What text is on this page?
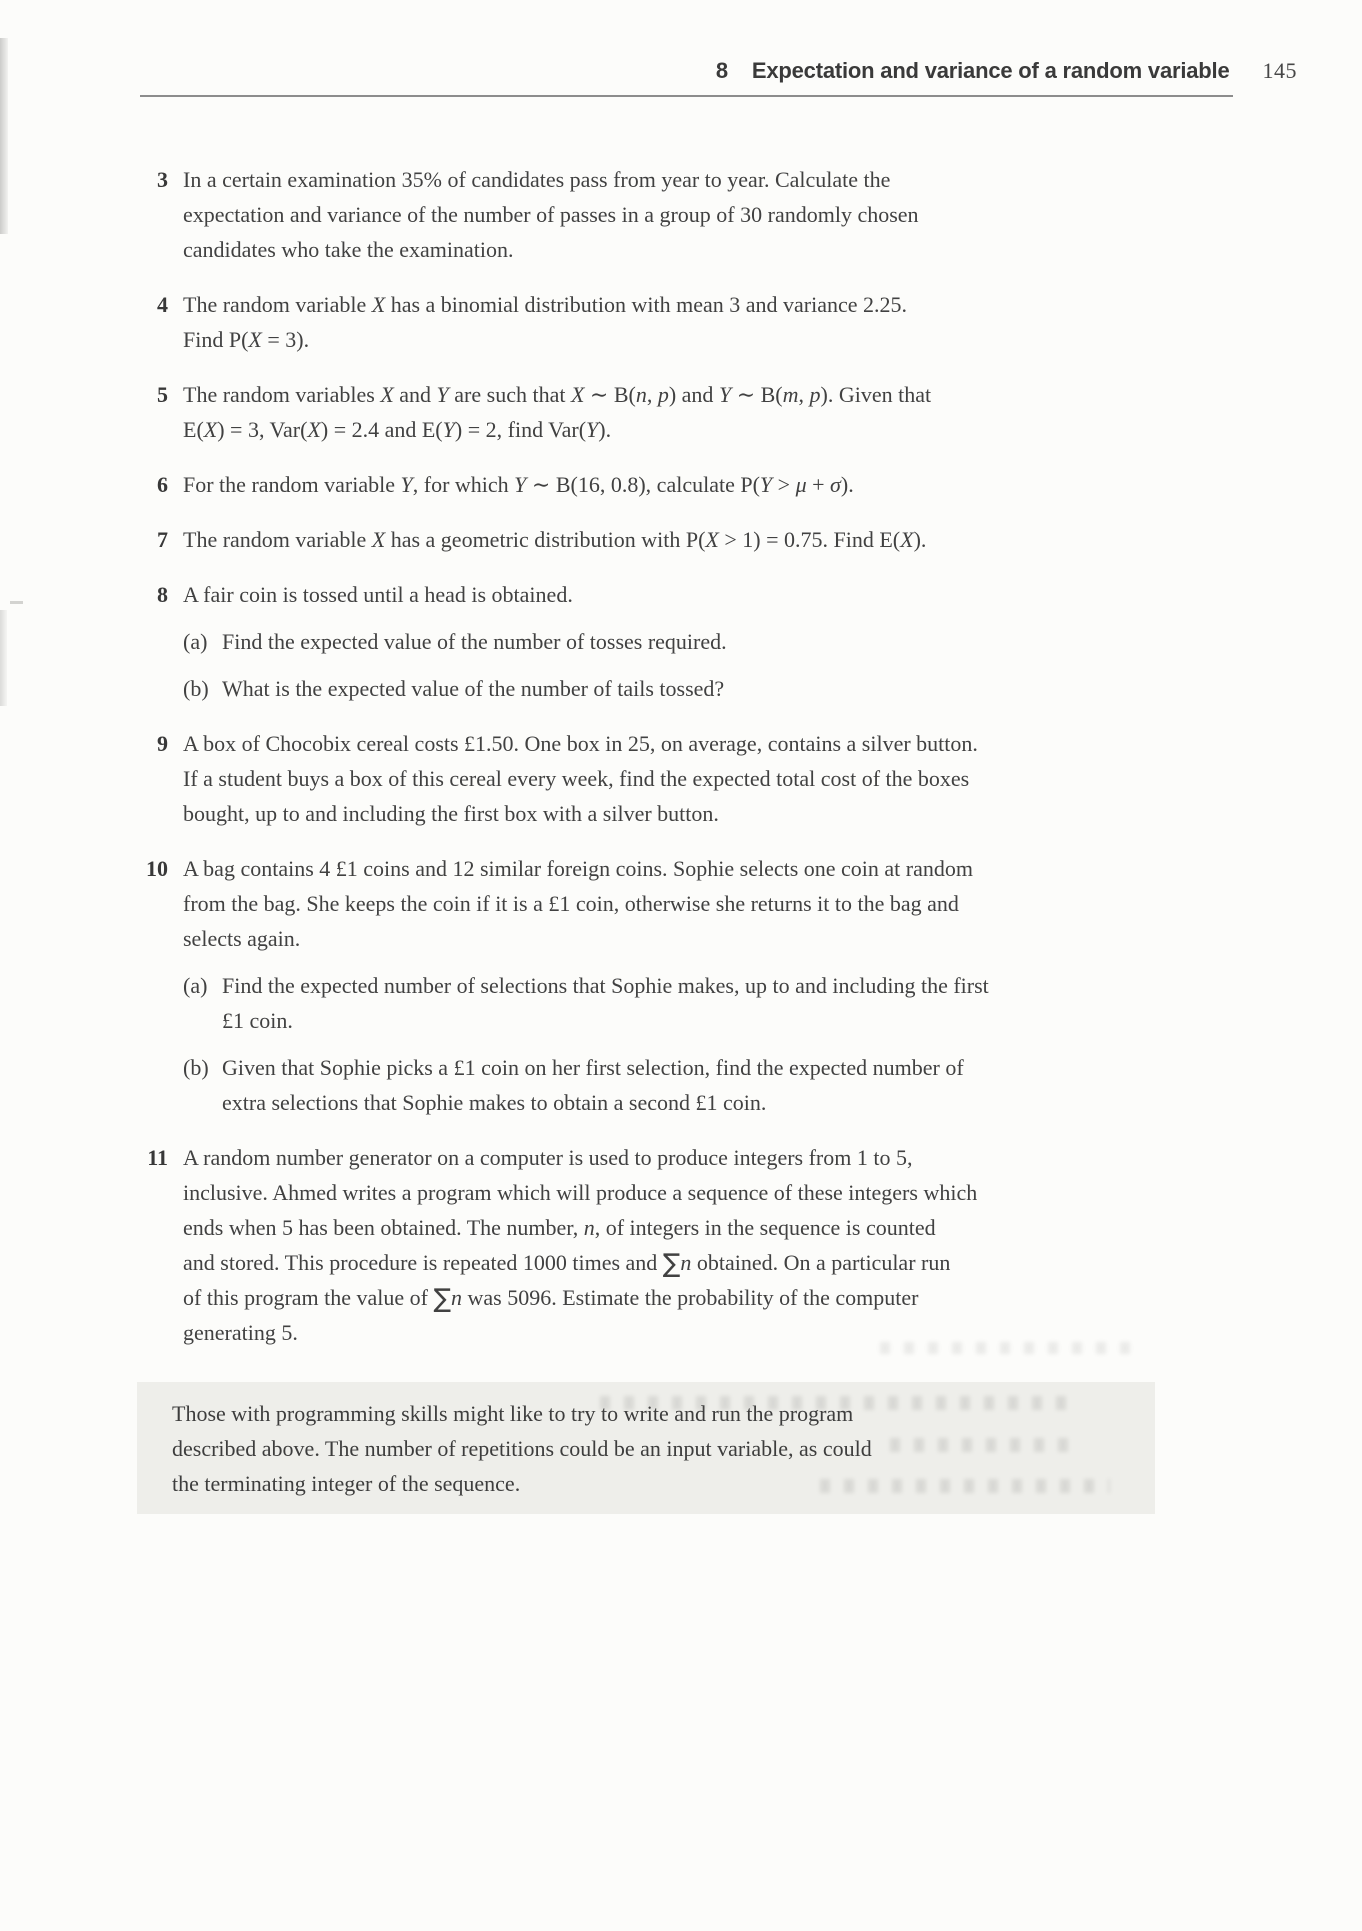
8 Expectation and variance of a random variable 145
3 In a certain examination 35% of candidates pass from year to year. Calculate the
expectation and variance of the number of passes in a group of 30 randomly chosen
candidates who take the examination.
4 The random variable X has a binomial distribution with mean 3 and variance 2.25.
Find P(X = 3).
5 The random variables X and Y are such that X ∼ B(n, p) and Y ∼ B(m, p). Given that
E(X) = 3, Var(X) = 2.4 and E(Y) = 2, find Var(Y).
6 For the random variable Y, for which Y ∼ B(16, 0.8), calculate P(Y > μ + σ).
7 The random variable X has a geometric distribution with P(X > 1) = 0.75. Find E(X).
8 A fair coin is tossed until a head is obtained.
(a) Find the expected value of the number of tosses required.
(b) What is the expected value of the number of tails tossed?
9 A box of Chocobix cereal costs £1.50. One box in 25, on average, contains a silver button.
If a student buys a box of this cereal every week, find the expected total cost of the boxes
bought, up to and including the first box with a silver button.
10 A bag contains 4 £1 coins and 12 similar foreign coins. Sophie selects one coin at random
from the bag. She keeps the coin if it is a £1 coin, otherwise she returns it to the bag and
selects again.
(a) Find the expected number of selections that Sophie makes, up to and including the first
£1 coin.
(b) Given that Sophie picks a £1 coin on her first selection, find the expected number of
extra selections that Sophie makes to obtain a second £1 coin.
11 A random number generator on a computer is used to produce integers from 1 to 5,
inclusive. Ahmed writes a program which will produce a sequence of these integers which
ends when 5 has been obtained. The number, n, of integers in the sequence is counted
and stored. This procedure is repeated 1000 times and ∑n obtained. On a particular run
of this program the value of ∑n was 5096. Estimate the probability of the computer
generating 5.
Those with programming skills might like to try to write and run the program
described above. The number of repetitions could be an input variable, as could
the terminating integer of the sequence.
